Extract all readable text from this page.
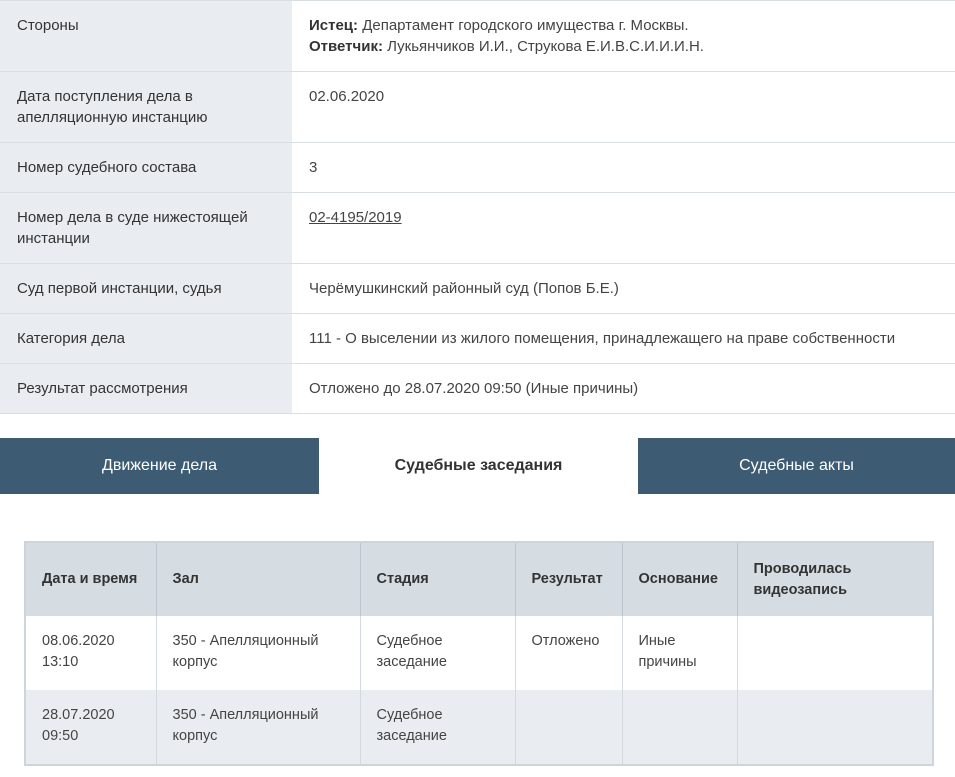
Стороны	Истец: Департамент городского имущества г. Москвы.
Ответчик: Лукьянчиков И.И., Струкова Е.И.В.С.И.И.И.Н.

Дата поступления дела в апелляционную инстанцию	02.06.2020
Номер судебного состава	3
Номер дела в суде нижестоящей инстанции	02-4195/2019
Суд первой инстанции, судья	Черёмушкинский районный суд (Попов Б.Е.)
Категория дела	111 - О выселении из жилого помещения, принадлежащего на праве собственности
Результат рассмотрения	Отложено до 28.07.2020 09:50 (Иные причины)
Движение дела	Судебные заседания	Судебные акты
Дата и время	Зал	Стадия	Результат	Основание	Проводилась видеозапись
08.06.2020 13:10	350 - Апелляционный корпус	Судебное заседание	Отложено	Иные причины	
28.07.2020 09:50	350 - Апелляционный корпус	Судебное заседание			
